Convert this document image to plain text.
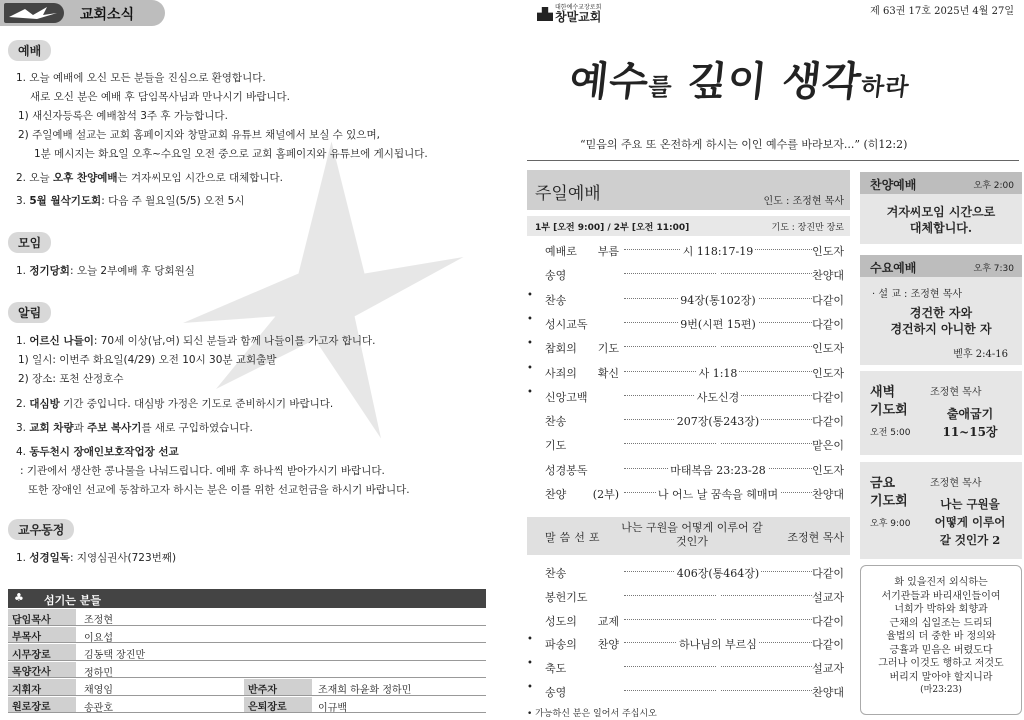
교회소식
예배
1. 오늘 예배에 오신 모든 분들을 진심으로 환영합니다.
새로 오신 분은 예배 후 담임목사님과 만나시기 바랍니다.
1) 새신자등록은 예배참석 3주 후 가능합니다.
2) 주일예배 설교는 교회 홈페이지와 창말교회 유튜브 채널에서 보실 수 있으며,
1분 메시지는 화요일 오후~수요일 오전 중으로 교회 홈페이지와 유튜브에 게시됩니다.
2. 오늘 오후 찬양예배는 겨자씨모임 시간으로 대체합니다.
3. 5월 월삭기도회: 다음 주 월요일(5/5) 오전 5시
모임
1. 정기당회: 오늘 2부예배 후 당회원실
알림
1. 어르신 나들이: 70세 이상(남,여) 되신 분들과 함께 나들이를 가고자 합니다.
1) 일시: 이번주 화요일(4/29) 오전 10시 30분 교회출발
2) 장소: 포천 산정호수
2. 대심방 기간 중입니다. 대심방 가정은 기도로 준비하시기 바랍니다.
3. 교회 차량과 주보 복사기를 새로 구입하였습니다.
4. 동두천시 장애인보호작업장 선교
: 기관에서 생산한 콩나물을 나눠드립니다. 예배 후 하나씩 받아가시기 바랍니다.
또한 장애인 선교에 동참하고자 하시는 분은 이를 위한 선교헌금을 하시기 바랍니다.
교우동정
1. 성경일독: 지영심권사(723번째)
♣ 섬기는 분들
담임목사	조정현
부목사	이요섭
시무장로	김동택 장진만
목양간사	정하민
지휘자	채영임	반주자	조재희 하윤화 정하민
원로장로	송관호	은퇴장로	이규백
대한예수교장로회
창말교회	제 63권 17호 2025년 4월 27일
예수를 깊이 생각하라
“믿음의 주요 또 온전하게 하시는 이인 예수를 바라보자...” (히12:2)
주일예배	인도 : 조정현 목사
1부 [오전 9:00] / 2부 [오전 11:00]	기도 : 장진만 장로
예배로 부름	시 118:17-19	인도자
송영	찬양대
• 찬송	94장(통102장)	다같이
• 성시교독	9번(시편 15편)	다같이
• 참회의 기도	인도자
• 사죄의 확신	사 1:18	인도자
• 신앙고백	사도신경	다같이
찬송	207장(통243장)	다같이
기도	맡은이
성경봉독	마태복음 23:23-28	인도자
찬양 (2부)	나 어느 날 꿈속을 헤매며	찬양대
말씀선포
나는 구원을 어떻게 이루어 갈 것인가	조정현 목사
찬송	406장(통464장)	다같이
봉헌기도	설교자
성도의 교제	다같이
• 파송의 찬양	하나님의 부르심	다같이
• 축도	설교자
• 송영	찬양대
• 가능하신 분은 일어서 주십시오
찬양예배	오후 2:00
겨자씨모임 시간으로
대체합니다.
수요예배	오후 7:30
· 설 교 : 조정현 목사
경건한 자와
경건하지 아니한 자
벧후 2:4-16
새벽
기도회
오전 5:00
조정현 목사
출애굽기
11~15장
금요
기도회
오후 9:00
조정현 목사
나는 구원을
어떻게 이루어
갈 것인가 2
화 있을진저 외식하는
서기관들과 바리새인들이여
너희가 박하와 회향과
근채의 십일조는 드리되
율법의 더 중한 바 정의와
긍휼과 믿음은 버렸도다
그러나 이것도 행하고 저것도
버리지 말아야 할지니라
(마23:23)
